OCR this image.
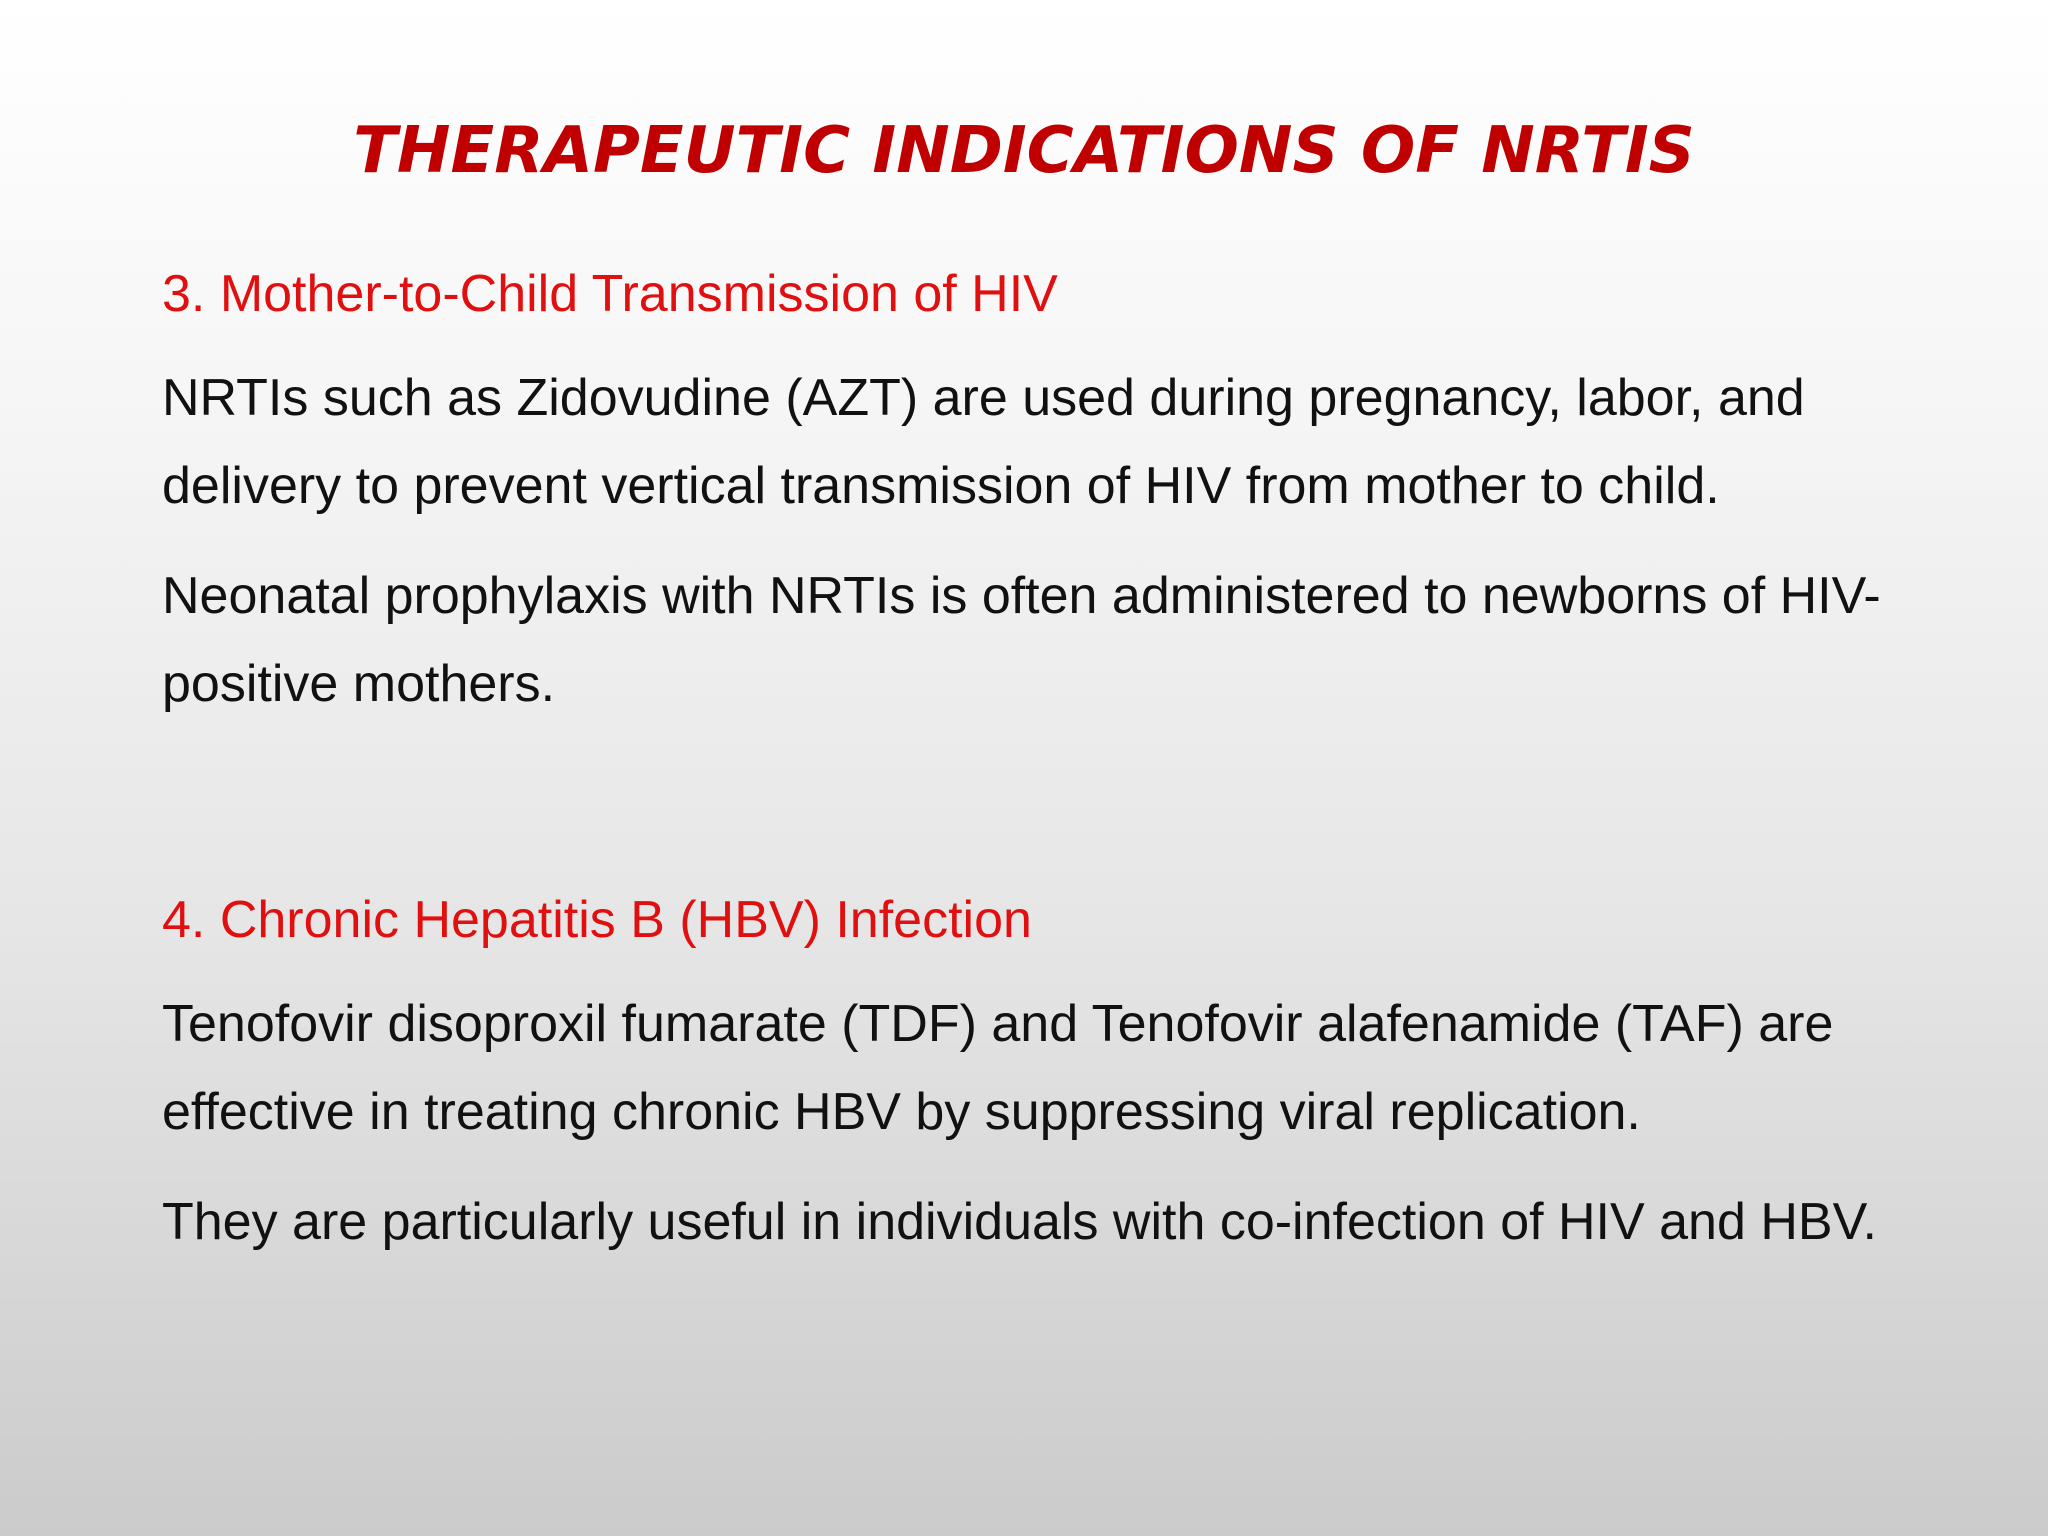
THERAPEUTIC INDICATIONS OF NRTIS
3. Mother-to-Child Transmission of HIV
NRTIs such as Zidovudine (AZT) are used during pregnancy, labor, and delivery to prevent vertical transmission of HIV from mother to child.
Neonatal prophylaxis with NRTIs is often administered to newborns of HIV-positive mothers.
4. Chronic Hepatitis B (HBV) Infection
Tenofovir disoproxil fumarate (TDF) and Tenofovir alafenamide (TAF) are effective in treating chronic HBV by suppressing viral replication.
They are particularly useful in individuals with co-infection of HIV and HBV.
